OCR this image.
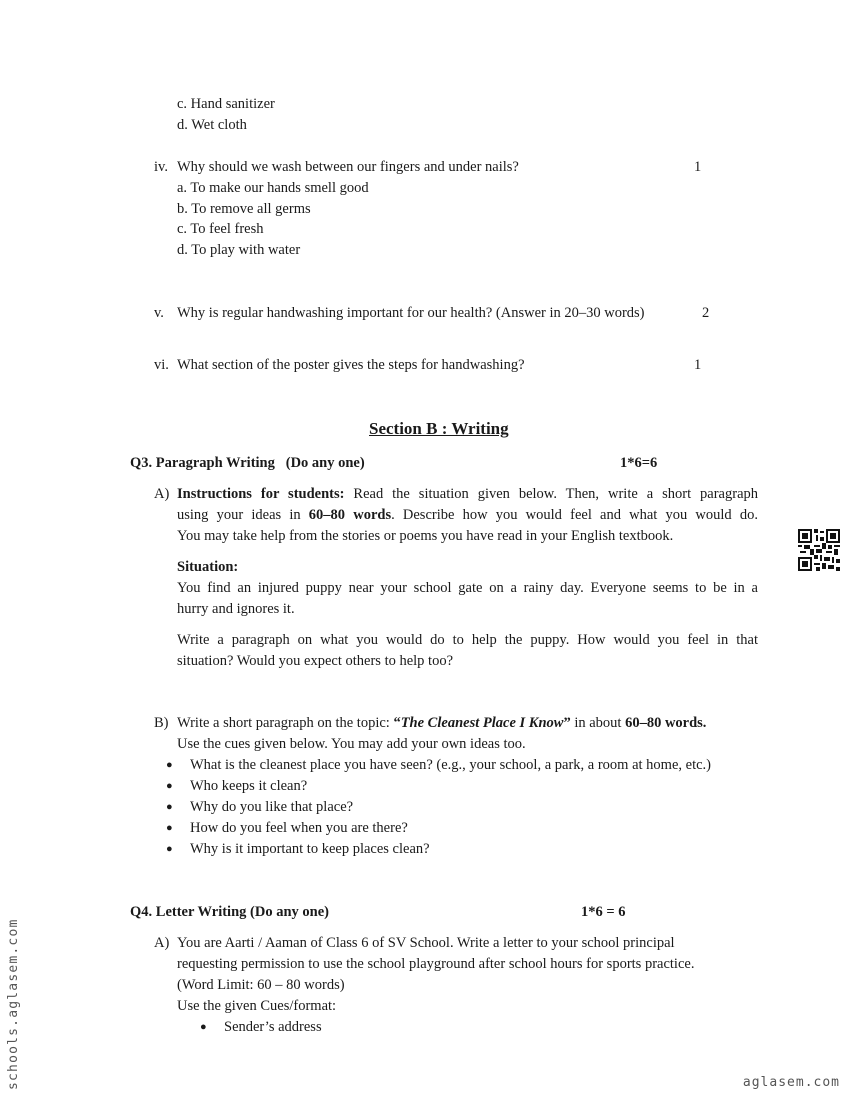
c. Hand sanitizer
d. Wet cloth
iv. Why should we wash between our fingers and under nails?	1
a. To make our hands smell good
b. To remove all germs
c. To feel fresh
d. To play with water
v. Why is regular handwashing important for our health? (Answer in 20–30 words)	2
vi. What section of the poster gives the steps for handwashing?	1
Section B : Writing
Q3. Paragraph Writing   (Do any one)	1*6=6
A) Instructions for students: Read the situation given below. Then, write a short paragraph
using your ideas in 60–80 words. Describe how you would feel and what you would do.
You may take help from the stories or poems you have read in your English textbook.
Situation:
You find an injured puppy near your school gate on a rainy day. Everyone seems to be in a
hurry and ignores it.
Write a paragraph on what you would do to help the puppy. How would you feel in that
situation? Would you expect others to help too?
B) Write a short paragraph on the topic: “The Cleanest Place I Know” in about 60–80 words.
Use the cues given below. You may add your own ideas too.
● What is the cleanest place you have seen? (e.g., your school, a park, a room at home, etc.)
● Who keeps it clean?
● Why do you like that place?
● How do you feel when you are there?
● Why is it important to keep places clean?
Q4. Letter Writing (Do any one)	1*6 = 6
A) You are Aarti / Aaman of Class 6 of SV School. Write a letter to your school principal
requesting permission to use the school playground after school hours for sports practice.
(Word Limit: 60 – 80 words)
Use the given Cues/format:
● Sender’s address
schools.aglasem.com	aglasem.com
